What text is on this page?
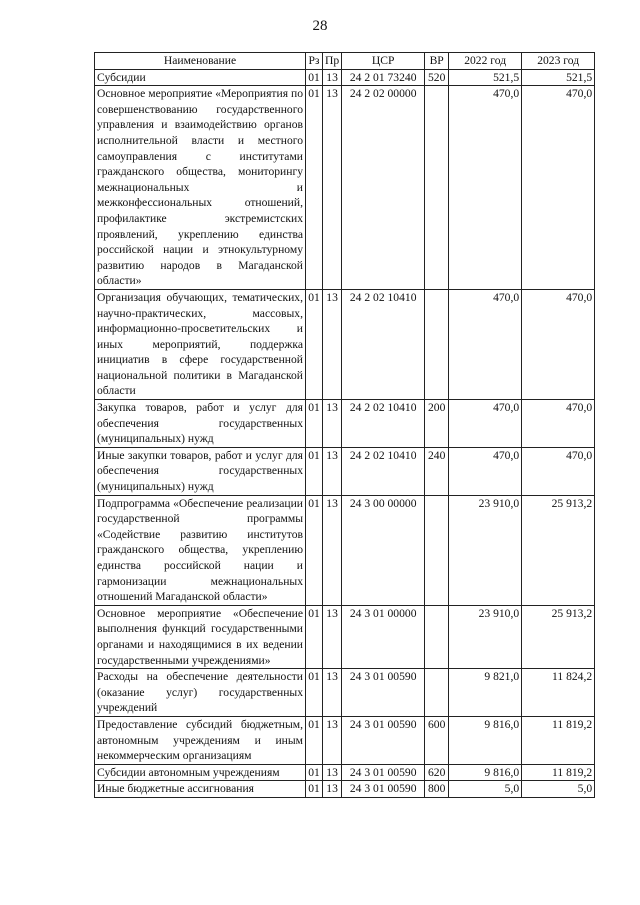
28
Наименование	Рз	Пр	ЦСР	ВР	2022 год	2023 год
Субсидии	01	13	24 2 01 73240	520	521,5	521,5
Основное мероприятие «Мероприятия по совершенствованию государственного управления и взаимодействию органов исполнительной власти и местного самоуправления с институтами гражданского общества, мониторингу межнациональных и межконфессиональных отношений, профилактике экстремистских проявлений, укреплению единства российской нации и этнокультурному развитию народов в Магаданской области»	01	13	24 2 02 00000		470,0	470,0
Организация обучающих, тематических, научно-практических, массовых, информационно-просветительских и иных мероприятий, поддержка инициатив в сфере государственной национальной политики в Магаданской области	01	13	24 2 02 10410		470,0	470,0
Закупка товаров, работ и услуг для обеспечения государственных (муниципальных) нужд	01	13	24 2 02 10410	200	470,0	470,0
Иные закупки товаров, работ и услуг для обеспечения государственных (муниципальных) нужд	01	13	24 2 02 10410	240	470,0	470,0
Подпрограмма «Обеспечение реализации государственной программы «Содействие развитию институтов гражданского общества, укреплению единства российской нации и гармонизации межнациональных отношений Магаданской области»	01	13	24 3 00 00000		23 910,0	25 913,2
Основное мероприятие «Обеспечение выполнения функций государственными органами и находящимися в их ведении государственными учреждениями»	01	13	24 3 01 00000		23 910,0	25 913,2
Расходы на обеспечение деятельности (оказание услуг) государственных учреждений	01	13	24 3 01 00590		9 821,0	11 824,2
Предоставление субсидий бюджетным, автономным учреждениям и иным некоммерческим организациям	01	13	24 3 01 00590	600	9 816,0	11 819,2
Субсидии автономным учреждениям	01	13	24 3 01 00590	620	9 816,0	11 819,2
Иные бюджетные ассигнования	01	13	24 3 01 00590	800	5,0	5,0
